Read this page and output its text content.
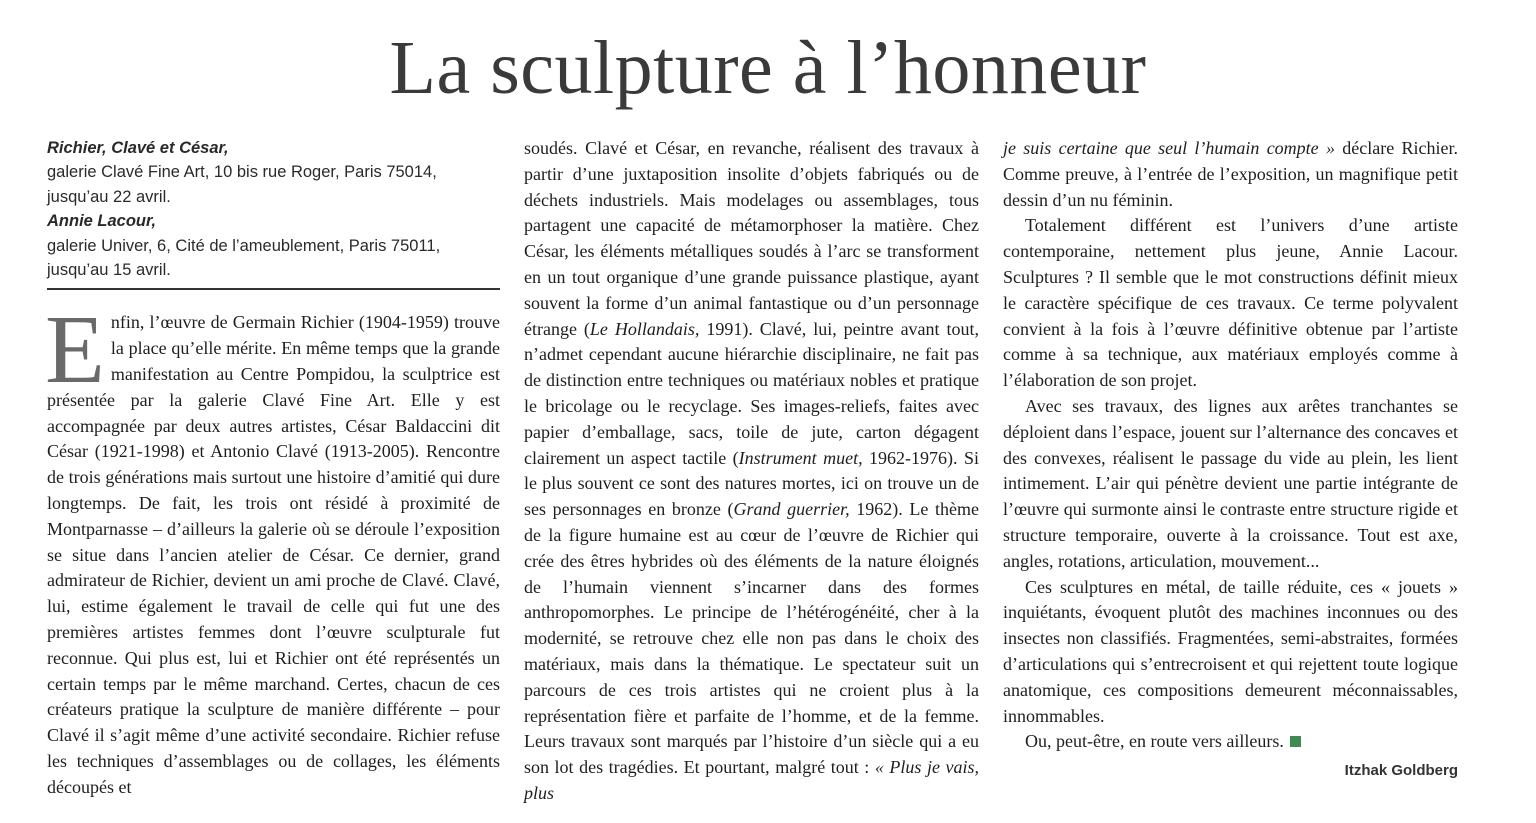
La sculpture à l’honneur
Richier, Clavé et César,
galerie Clavé Fine Art, 10 bis rue Roger, Paris 75014,
jusqu’au 22 avril.
Annie Lacour,
galerie Univer, 6, Cité de l’ameublement, Paris 75011,
jusqu’au 15 avril.

Enfin, l’œuvre de Germain Richier (1904-1959) trouve la place qu’elle mérite. En même temps que la grande manifestation au Centre Pompidou, la sculptrice est présentée par la galerie Clavé Fine Art. Elle y est accompagnée par deux autres artistes, César Baldaccini dit César (1921-1998) et Antonio Clavé (1913-2005). Rencontre de trois générations mais surtout une histoire d’amitié qui dure longtemps. De fait, les trois ont résidé à proximité de Montparnasse – d’ailleurs la galerie où se déroule l’exposition se situe dans l’ancien atelier de César. Ce dernier, grand admirateur de Richier, devient un ami proche de Clavé. Clavé, lui, estime également le travail de celle qui fut une des premières artistes femmes dont l’œuvre sculpturale fut reconnue. Qui plus est, lui et Richier ont été représentés un certain temps par le même marchand. Certes, chacun de ces créateurs pratique la sculpture de manière différente – pour Clavé il s’agit même d’une activité secondaire. Richier refuse les techniques d’assemblages ou de collages, les éléments découpés et

soudés. Clavé et César, en revanche, réalisent des travaux à partir d’une juxtaposition insolite d’objets fabriqués ou de déchets industriels. Mais modelages ou assemblages, tous partagent une capacité de métamorphoser la matière. Chez César, les éléments métalliques soudés à l’arc se transforment en un tout organique d’une grande puissance plastique, ayant souvent la forme d’un animal fantastique ou d’un personnage étrange (Le Hollandais, 1991). Clavé, lui, peintre avant tout, n’admet cependant aucune hiérarchie disciplinaire, ne fait pas de distinction entre techniques ou matériaux nobles et pratique le bricolage ou le recyclage. Ses images-reliefs, faites avec papier d’emballage, sacs, toile de jute, carton dégagent clairement un aspect tactile (Instrument muet, 1962-1976). Si le plus souvent ce sont des natures mortes, ici on trouve un de ses personnages en bronze (Grand guerrier, 1962). Le thème de la figure humaine est au cœur de l’œuvre de Richier qui crée des êtres hybrides où des éléments de la nature éloignés de l’humain viennent s’incarner dans des formes anthropomorphes. Le principe de l’hétérogénéité, cher à la modernité, se retrouve chez elle non pas dans le choix des matériaux, mais dans la thématique. Le spectateur suit un parcours de ces trois artistes qui ne croient plus à la représentation fière et parfaite de l’homme, et de la femme. Leurs travaux sont marqués par l’histoire d’un siècle qui a eu son lot des tragédies. Et pourtant, malgré tout : « Plus je vais, plus

je suis certaine que seul l’humain compte » déclare Richier. Comme preuve, à l’entrée de l’exposition, un magnifique petit dessin d’un nu féminin.

Totalement différent est l’univers d’une artiste contemporaine, nettement plus jeune, Annie Lacour. Sculptures ? Il semble que le mot constructions définit mieux le caractère spécifique de ces travaux. Ce terme polyvalent convient à la fois à l’œuvre définitive obtenue par l’artiste comme à sa technique, aux matériaux employés comme à l’élaboration de son projet.

Avec ses travaux, des lignes aux arêtes tranchantes se déploient dans l’espace, jouent sur l’alternance des concaves et des convexes, réalisent le passage du vide au plein, les lient intimement. L’air qui pénètre devient une partie intégrante de l’œuvre qui surmonte ainsi le contraste entre structure rigide et structure temporaire, ouverte à la croissance. Tout est axe, angles, rotations, articulation, mouvement...

Ces sculptures en métal, de taille réduite, ces « jouets » inquiétants, évoquent plutôt des machines inconnues ou des insectes non classifiés. Fragmentées, semi-abstraites, formées d’articulations qui s’entrecroisent et qui rejettent toute logique anatomique, ces compositions demeurent méconnaissables, innommables.

Ou, peut-être, en route vers ailleurs.

Itzhak Goldberg
